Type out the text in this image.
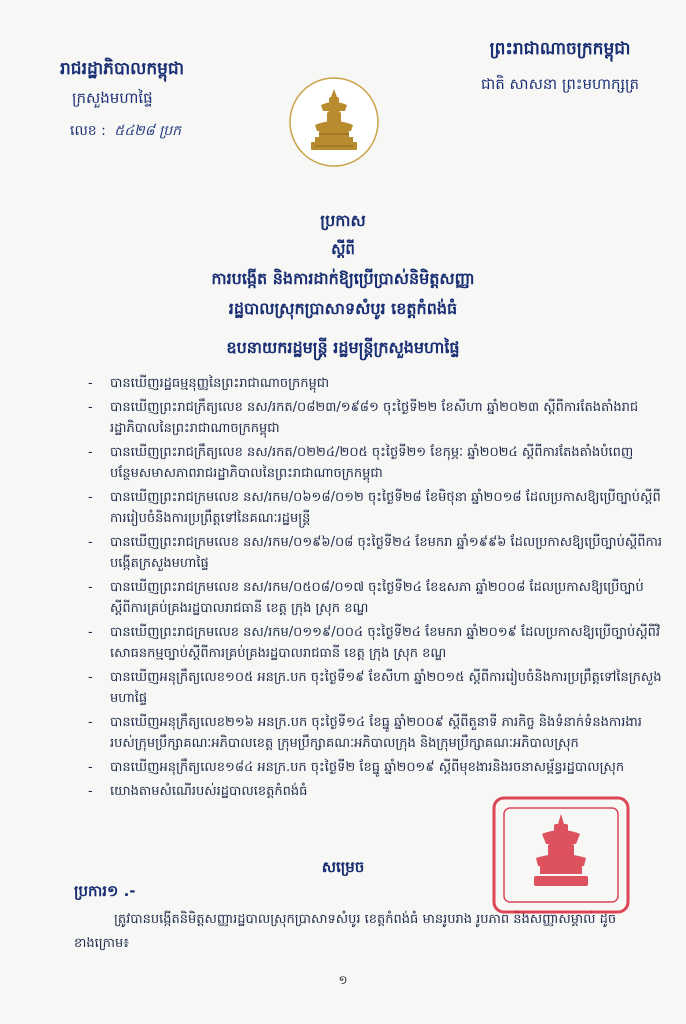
រាជរដ្ឋាភិបាលកម្ពុជា
ក្រសួងមហាផ្ទៃ
លេខ : ៥៤២៨ ប្រក
ព្រះរាជាណាចក្រកម្ពុជា
ជាតិ សាសនា ព្រះមហាក្សត្រ
ប្រកាស
ស្តីពី
ការបង្កើត និងការដាក់ឱ្យប្រើប្រាស់និមិត្តសញ្ញា
រដ្ឋបាលស្រុកប្រាសាទសំបូរ ខេត្តកំពង់ធំ
ឧបនាយករដ្ឋមន្ត្រី រដ្ឋមន្ត្រីក្រសួងមហាផ្ទៃ
- បានឃើញរដ្ឋធម្មនុញ្ញនៃព្រះរាជាណាចក្រកម្ពុជា
- បានឃើញព្រះរាជក្រឹត្យលេខ នស/រកត/០៨២៣/១៩៨១ ចុះថ្ងៃទី២២ ខែសីហា ឆ្នាំ២០២៣ ស្តីពីការតែងតាំងរាជរដ្ឋាភិបាលនៃព្រះរាជាណាចក្រកម្ពុជា
- បានឃើញព្រះរាជក្រឹត្យលេខ នស/រកត/០២២៤/២០៥ ចុះថ្ងៃទី២១ ខែកុម្ភៈ ឆ្នាំ២០២៤ ស្តីពីការតែងតាំងបំពេញបន្ថែមសមាសភាពរាជរដ្ឋាភិបាលនៃព្រះរាជាណាចក្រកម្ពុជា
- បានឃើញព្រះរាជក្រមលេខ នស/រកម/០៦១៨/០១២ ចុះថ្ងៃទី២៨ ខែមិថុនា ឆ្នាំ២០១៨ ដែលប្រកាសឱ្យប្រើច្បាប់ស្តីពីការរៀបចំនិងការប្រព្រឹត្តទៅនៃគណៈរដ្ឋមន្ត្រី
- បានឃើញព្រះរាជក្រមលេខ នស/រកម/០១៩៦/០៨ ចុះថ្ងៃទី២៤ ខែមករា ឆ្នាំ១៩៩៦ ដែលប្រកាសឱ្យប្រើច្បាប់ស្តីពីការបង្កើតក្រសួងមហាផ្ទៃ
- បានឃើញព្រះរាជក្រមលេខ នស/រកម/០៥០៨/០១៧ ចុះថ្ងៃទី២៤ ខែឧសភា ឆ្នាំ២០០៨ ដែលប្រកាសឱ្យប្រើច្បាប់ស្តីពីការគ្រប់គ្រងរដ្ឋបាលរាជធានី ខេត្ត ក្រុង ស្រុក ខណ្ឌ
- បានឃើញព្រះរាជក្រមលេខ នស/រកម/០១១៩/០០៤ ចុះថ្ងៃទី២៤ ខែមករា ឆ្នាំ២០១៩ ដែលប្រកាសឱ្យប្រើច្បាប់ស្តីពីវិសោធនកម្មច្បាប់ស្តីពីការគ្រប់គ្រងរដ្ឋបាលរាជធានី ខេត្ត ក្រុង ស្រុក ខណ្ឌ
- បានឃើញអនុក្រឹត្យលេខ១០៥ អនក្រ.បក ចុះថ្ងៃទី១៩ ខែសីហា ឆ្នាំ២០១៥ ស្តីពីការរៀបចំនិងការប្រព្រឹត្តទៅនៃក្រសួងមហាផ្ទៃ
- បានឃើញអនុក្រឹត្យលេខ២១៦ អនក្រ.បក ចុះថ្ងៃទី១៤ ខែធ្នូ ឆ្នាំ២០០៩ ស្តីពីតួនាទី ភារកិច្ច និងទំនាក់ទំនងការងាររបស់ក្រុមប្រឹក្សាគណៈអភិបាលខេត្ត ក្រុមប្រឹក្សាគណៈអភិបាលក្រុង និងក្រុមប្រឹក្សាគណៈអភិបាលស្រុក
- បានឃើញអនុក្រឹត្យលេខ១៨៤ អនក្រ.បក ចុះថ្ងៃទី២ ខែធ្នូ ឆ្នាំ២០១៩ ស្តីពីមុខងារនិងរចនាសម្ព័ន្ធរដ្ឋបាលស្រុក
- យោងតាមសំណើរបស់រដ្ឋបាលខេត្តកំពង់ធំ
សម្រេច
ប្រការ១ .-
ត្រូវបានបង្កើតនិមិត្តសញ្ញារដ្ឋបាលស្រុកប្រាសាទសំបូរ ខេត្តកំពង់ធំ មានរូបរាង រូបភាព និងសញ្ញាសម្គាល់ ដូចខាងក្រោម៖
១
